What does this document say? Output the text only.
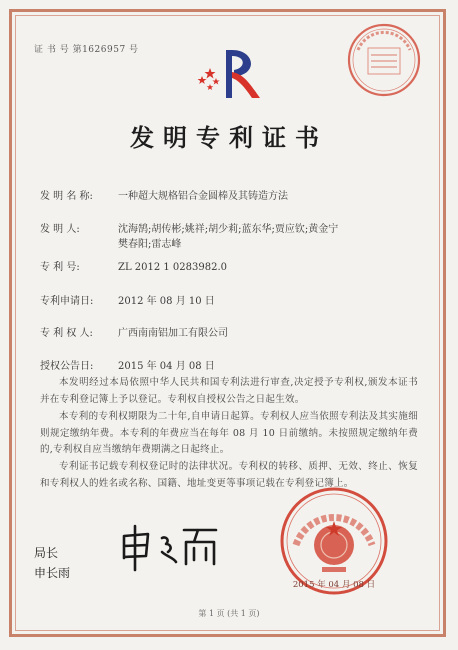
证 书 号 第1626957 号
发明专利证书
发 明 名 称:	一种超大规格铝合金圆棒及其铸造方法
发 明 人:	沈海鹄;胡传彬;姚祥;胡少莉;蓝东华;贾应钦;黄金宁
樊春阳;雷志峰
专 利 号:	ZL 2012 1 0283982.0
专利申请日: 2012 年 08 月 10 日
专 利 权 人:	广西南南铝加工有限公司
授权公告日: 2015 年 04 月 08 日
本发明经过本局依照中华人民共和国专利法进行审查,决定授予专利权,颁发本证书并在专利登记簿上予以登记。专利权自授权公告之日起生效。
本专利的专利权期限为二十年,自申请日起算。专利权人应当依照专利法及其实施细则规定缴纳年费。本专利的年费应当在每年 08 月 10 日前缴纳。未按照规定缴纳年费的,专利权自应当缴纳年费期满之日起终止。
专利证书记载专利权登记时的法律状况。专利权的转移、质押、无效、终止、恢复和专利权人的姓名或名称、国籍、地址变更等事项记载在专利登记簿上。
局长
申长雨
2015 年 04 月 08 日
第 1 页 (共 1 页)
